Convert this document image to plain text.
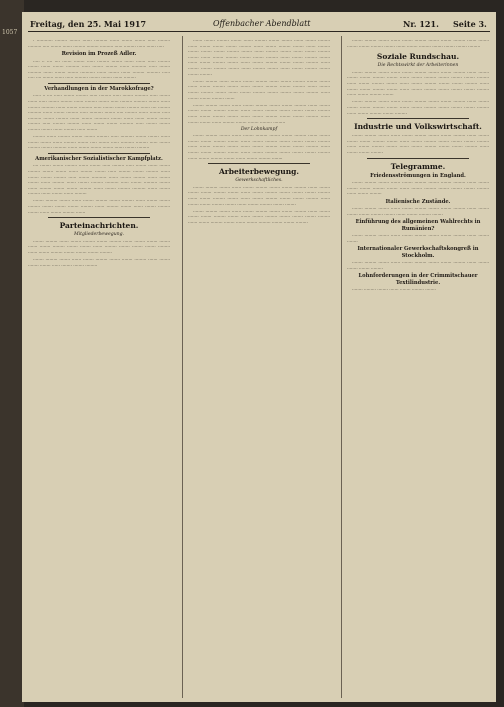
1057
Freitag, den 25. Mai 1917	Offenbacher Abendblatt	Nr. 121. Seite 3.

· ············ ········· ········ ······· ·········· ······· ········ ········ ······ ········· ·········· ····· ········ ······· ········· ········· ·········· ······ ········· ······ ······· ·····

Revision im Prozeß Adler.

····· ·· ···· ···· ······· ········ ······ ········· ········ ······· ······· ······ ········· ········ ······· ········ ·········· ······ ········ ········· ······· ··········· ······ ········ ·········· ······· ········ ········ ··········· ······· ········ ······· ········· ·········· ······ ····· ···· ········ ······· ······ ·········· ········ ········ ······· ·········

Verhandlungen in der Marokkofrage?

······ ·· ···· ······ ········ ········· ······ ········· ······ ········ ·········· ······ ········ ······· ······ ········ ········· ······· ········· ········ ······ ········· ·········· ········ ······· ········· ·········· ······· ········ ·········· ······ ········ ········ ········· ······· ···· ········· ·········· ······· ········ ········· ······ ·········· ········ ····· ········· ······· ········ ······ ·········· ········ ········· ······· ········ ··········· ········ ······· ······· ········ ········ ········· ······ ········· ········· ······· ········ ········ ·········· ······ ········ ········ ········· ········ ······· ········· ······ ········

········· ······· ········· ········ ········ ········· ······ ·········· ········ ········ ······· ········ ········ ······· ········· ········ ····· ········ ······ ·········· ········· ······ ········ ········· ········ ·········· ······· ········ ········ ········ ······· ········ ·········

Amerikanischer Sozialistischer Kampfplatz.

···· ········ ········ ········· ······· ········ ······ ········· ······ ········ ······· ········ ········· ········ ········ ······· ········· ········ ······ ········· ········ ········· ······· ········ ········ ········· ······ ········ ··········· ······· ········ ········· ······· ········ ········ ······· ········· ······· ········ ········· ·········· ······ ········ ·········· ········ ······· ········· ········ ········ ········· ······· ········ ········· ·········· ······· ········ ········· ······· ········ ······· ·········

········ ········· ········ ······· ········ ········· ········ ········· ······· ········ ········ ········· ········ ········ ········ ········· ······· ········· ········ ······· ········ ········· ········ ······· ········ ········· ·······

Parteinachrichten.
Mitgliederbewegung.

········ ········· ······· ········ ········· ········ ········· ······· ········ ········ ········ ······· ········ ········· ········ ········ ······· ········· ········ ········ ········ ········· ······· ········ ········· ········ ········ ········ ·········

········ ········· ········ ······· ········ ········· ········ ········ ········· ······· ········ ········ ········ ······ ········ ········ ·········

······· ········ ········· ········ ······· ········· ········ ········ ······· ········ ········· ······· ········ ········ ········ ········· ······· ········ ········· ········ ······· ········· ········ ········ ········ ········· ········ ······· ········· ········ ······· ········ ········· ········ ······· ········ ········· ········ ········ ········· ······· ········ ········· ········ ······· ········ ········· ········ ······· ········ ········· ········ ········ ········· ······· ········ ········ ········· ········ ······· ········· ········ ······· ········ ········· ········ ········ ·········

········ ········· ······· ········ ········ ········· ······· ········ ········· ········ ········ ······· ········ ········· ········ ······· ········ ········· ········ ········· ······· ········ ········ ········· ········ ······· ········ ········· ········ ········ ········ ········· ······· ········ ········ ········· ·······

········ ········· ········ ······· ········ ········· ········ ········ ········· ······· ········ ········ ········ ········· ········ ······· ········ ········· ········ ········ ········ ········· ······· ········ ········· ········ ······· ········ ········· ········ ········ ········· ······· ········ ········ ······· ········· ········ ········ ········· ·········

Der Lohnkampf

········ ········· ········ ······· ········ ········· ········ ········ ········· ······· ········ ········ ········ ········· ········ ······· ········ ········· ········ ········ ········ ········· ······· ········ ········· ········ ······· ········ ········· ········ ········ ········· ······· ········ ········ ········· ········ ······· ········ ········· ········ ········ ········ ········· ······· ········ ········· ········ ······· ········ ········· ········

Arbeiterbewegung.
Gewerkschaftliches.

········ ········· ········ ······· ········ ········· ········ ········ ········· ······· ········ ········ ········ ········· ········ ······· ········ ········· ········ ········ ········ ········· ······· ········ ········· ········ ······· ········ ········· ········ ········ ········· ······· ········ ········ ········· ········ ······· ········ ········· ········ ········

········ ········· ········ ······· ········ ········· ········ ········ ········· ······· ········ ········ ········ ········· ········ ······· ········ ········· ········ ········ ········ ········· ······· ········ ········· ········ ······· ········ ········· ········ ········ ·········

········ ········· ········ ······· ········ ········· ········ ········ ········· ······· ········ ········ ········ ········· ········ ······· ········ ········· ········ ········ ········ ·········

Soziale Rundschau.
Die Rechtswirkt der Arbeiterinnen

········ ········· ········ ······· ········ ········· ········ ········ ········· ······· ········ ········ ········ ········· ········ ······· ········ ········· ········ ········ ········ ········· ······· ········ ········· ········ ······· ········ ········· ········ ········ ········· ······· ········ ········ ········· ········ ······· ········ ········· ········ ········ ········ ········· ······· ········ ········· ········

········ ········· ········ ······· ········ ········· ········ ········ ········· ······· ········ ········ ········ ········· ········ ······· ········ ········· ········ ········ ········ ········· ······· ········ ········· ········ ·········

Industrie und Volkswirtschaft.

········ ········· ········ ······· ········ ········· ········ ········ ········· ······· ········ ········ ········ ········· ········ ······· ········ ········· ········ ········ ········ ········· ······· ········ ········· ········ ······· ········ ········· ········ ········ ········· ······· ········ ········ ·········

Telegramme.
Friedensströmungen in England.

········ ········· ········ ······· ········ ········· ········ ········ ········· ······· ········ ········ ········ ········· ········ ······· ········ ········· ········ ········ ········ ········· ······· ········ ·········

Italienische Zustände.

········ ········· ········ ······· ········ ········· ········ ········ ········· ······· ········ ········ ········ ········· ········ ······· ········ ········· ········

Einführung des allgemeinen Wahlrechts in Rumänien?

········ ········· ········ ······· ········ ········· ········ ········ ········· ······· ········ ········

Internationaler Gewerkschaftskongreß in Stockholm.

········ ········· ········ ······· ········ ········· ········ ········ ········· ······· ········ ········ ········ ·········

Lohnforderungen in der Crimmitschauer Textilindustrie.

········ ········· ········ ······· ········ ········· ········
